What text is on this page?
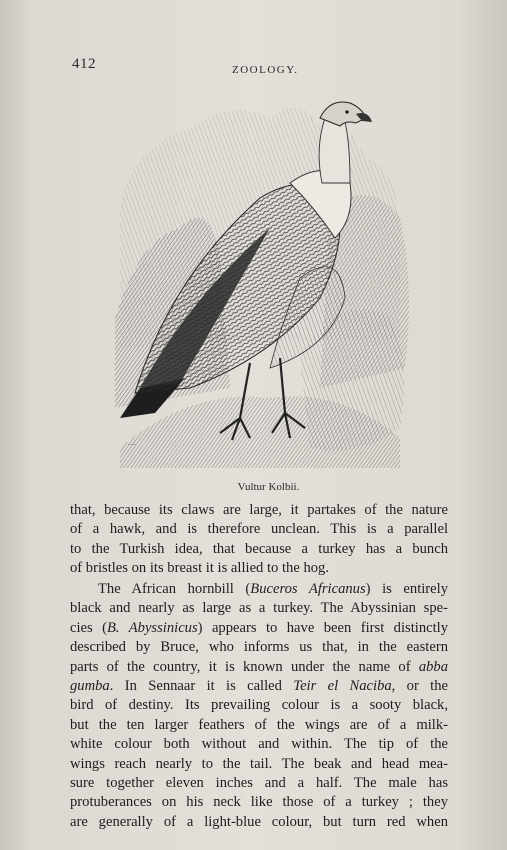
412	ZOOLOGY.
~~~
Vultur Kolbii.
that, because its claws are large, it partakes of the nature
of a hawk, and is therefore unclean. This is a parallel
to the Turkish idea, that because a turkey has a bunch
of bristles on its breast it is allied to the hog.
The African hornbill (Buceros Africanus) is entirely
black and nearly as large as a turkey. The Abyssinian spe-
cies (B. Abyssinicus) appears to have been first distinctly
described by Bruce, who informs us that, in the eastern
parts of the country, it is known under the name of abba
gumba. In Sennaar it is called Teir el Naciba, or the
bird of destiny. Its prevailing colour is a sooty black,
but the ten larger feathers of the wings are of a milk-
white colour both without and within. The tip of the
wings reach nearly to the tail. The beak and head mea-
sure together eleven inches and a half. The male has
protuberances on his neck like those of a turkey ; they
are generally of a light-blue colour, but turn red when
